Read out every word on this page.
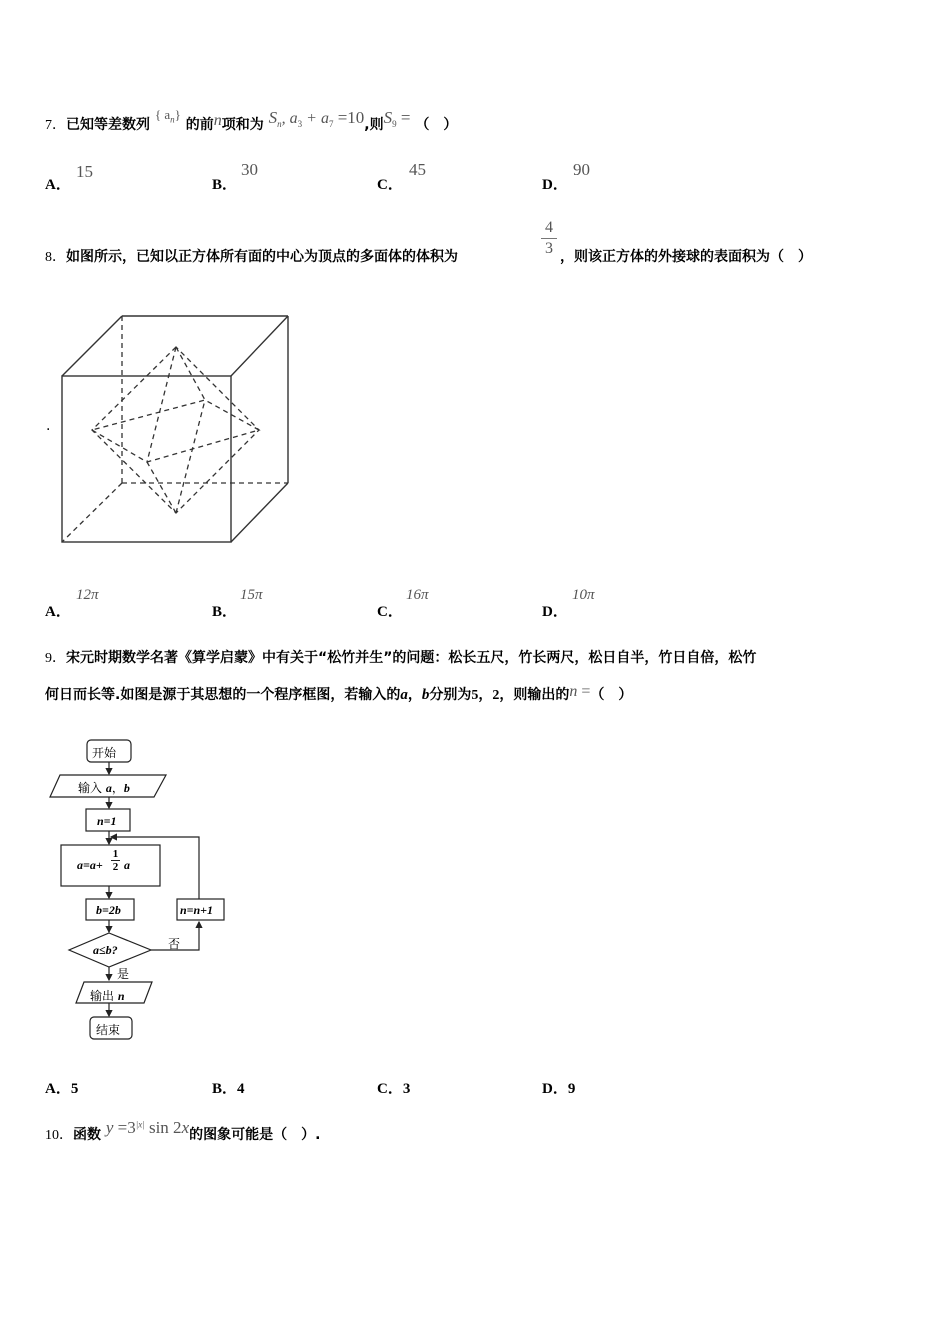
7．已知等差数列 { $a_n$} 的前n项和为 $S_n$, $a_3 + a_7 =10$,则$S_9$ = （　）
A．
15
B．
30
C．
45
D．
90
8．如图所示，已知以正方体所有面的中心为顶点的多面体的体积为
4
3 ，则该正方体的外接球的表面积为（　）
.
A．
12π
B．
15π
C．
16π
D．
10π
9．宋元时期数学名著《算学启蒙》中有关于“松竹并生”的问题：松长五尺，竹长两尺，松日自半，竹日自倍，松竹
何日而长等.如图是源于其思想的一个程序框图，若输入的a，b分别为5，2，则输出的n =（　）
开始
输入 a，b
n=1
a=a+
1
2 a
b=2b	n=n+1
a≤b?	否
是
输出 n
结束
A．5	B．4	C．3	D．9
10．函数 $y =3^{|x|}$ sin 2x的图象可能是（　）.
